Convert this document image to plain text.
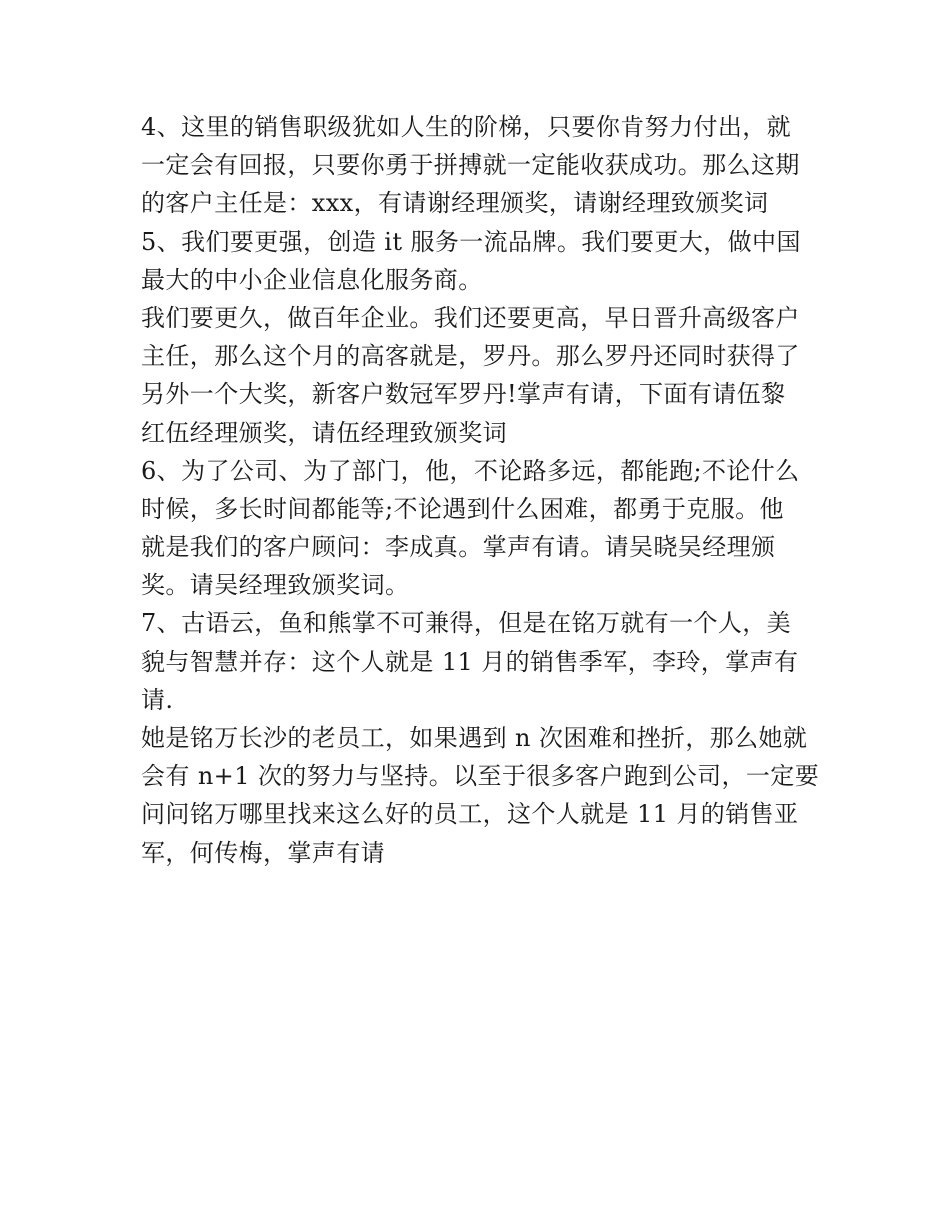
4、这里的销售职级犹如人生的阶梯，只要你肯努力付出，就
一定会有回报，只要你勇于拼搏就一定能收获成功。那么这期
的客户主任是：xxx，有请谢经理颁奖，请谢经理致颁奖词

5、我们要更强，创造 it 服务一流品牌。我们要更大，做中国
最大的中小企业信息化服务商。

我们要更久，做百年企业。我们还要更高，早日晋升高级客户
主任，那么这个月的高客就是，罗丹。那么罗丹还同时获得了
另外一个大奖，新客户数冠军罗丹!掌声有请，下面有请伍黎
红伍经理颁奖，请伍经理致颁奖词

6、为了公司、为了部门，他，不论路多远，都能跑;不论什么
时候，多长时间都能等;不论遇到什么困难，都勇于克服。他
就是我们的客户顾问：李成真。掌声有请。请吴晓吴经理颁
奖。请吴经理致颁奖词。

7、古语云，鱼和熊掌不可兼得，但是在铭万就有一个人，美
貌与智慧并存：这个人就是 11 月的销售季军，李玲，掌声有
请.

她是铭万长沙的老员工，如果遇到 n 次困难和挫折，那么她就
会有 n+1 次的努力与坚持。以至于很多客户跑到公司，一定要
问问铭万哪里找来这么好的员工，这个人就是 11 月的销售亚
军，何传梅，掌声有请
